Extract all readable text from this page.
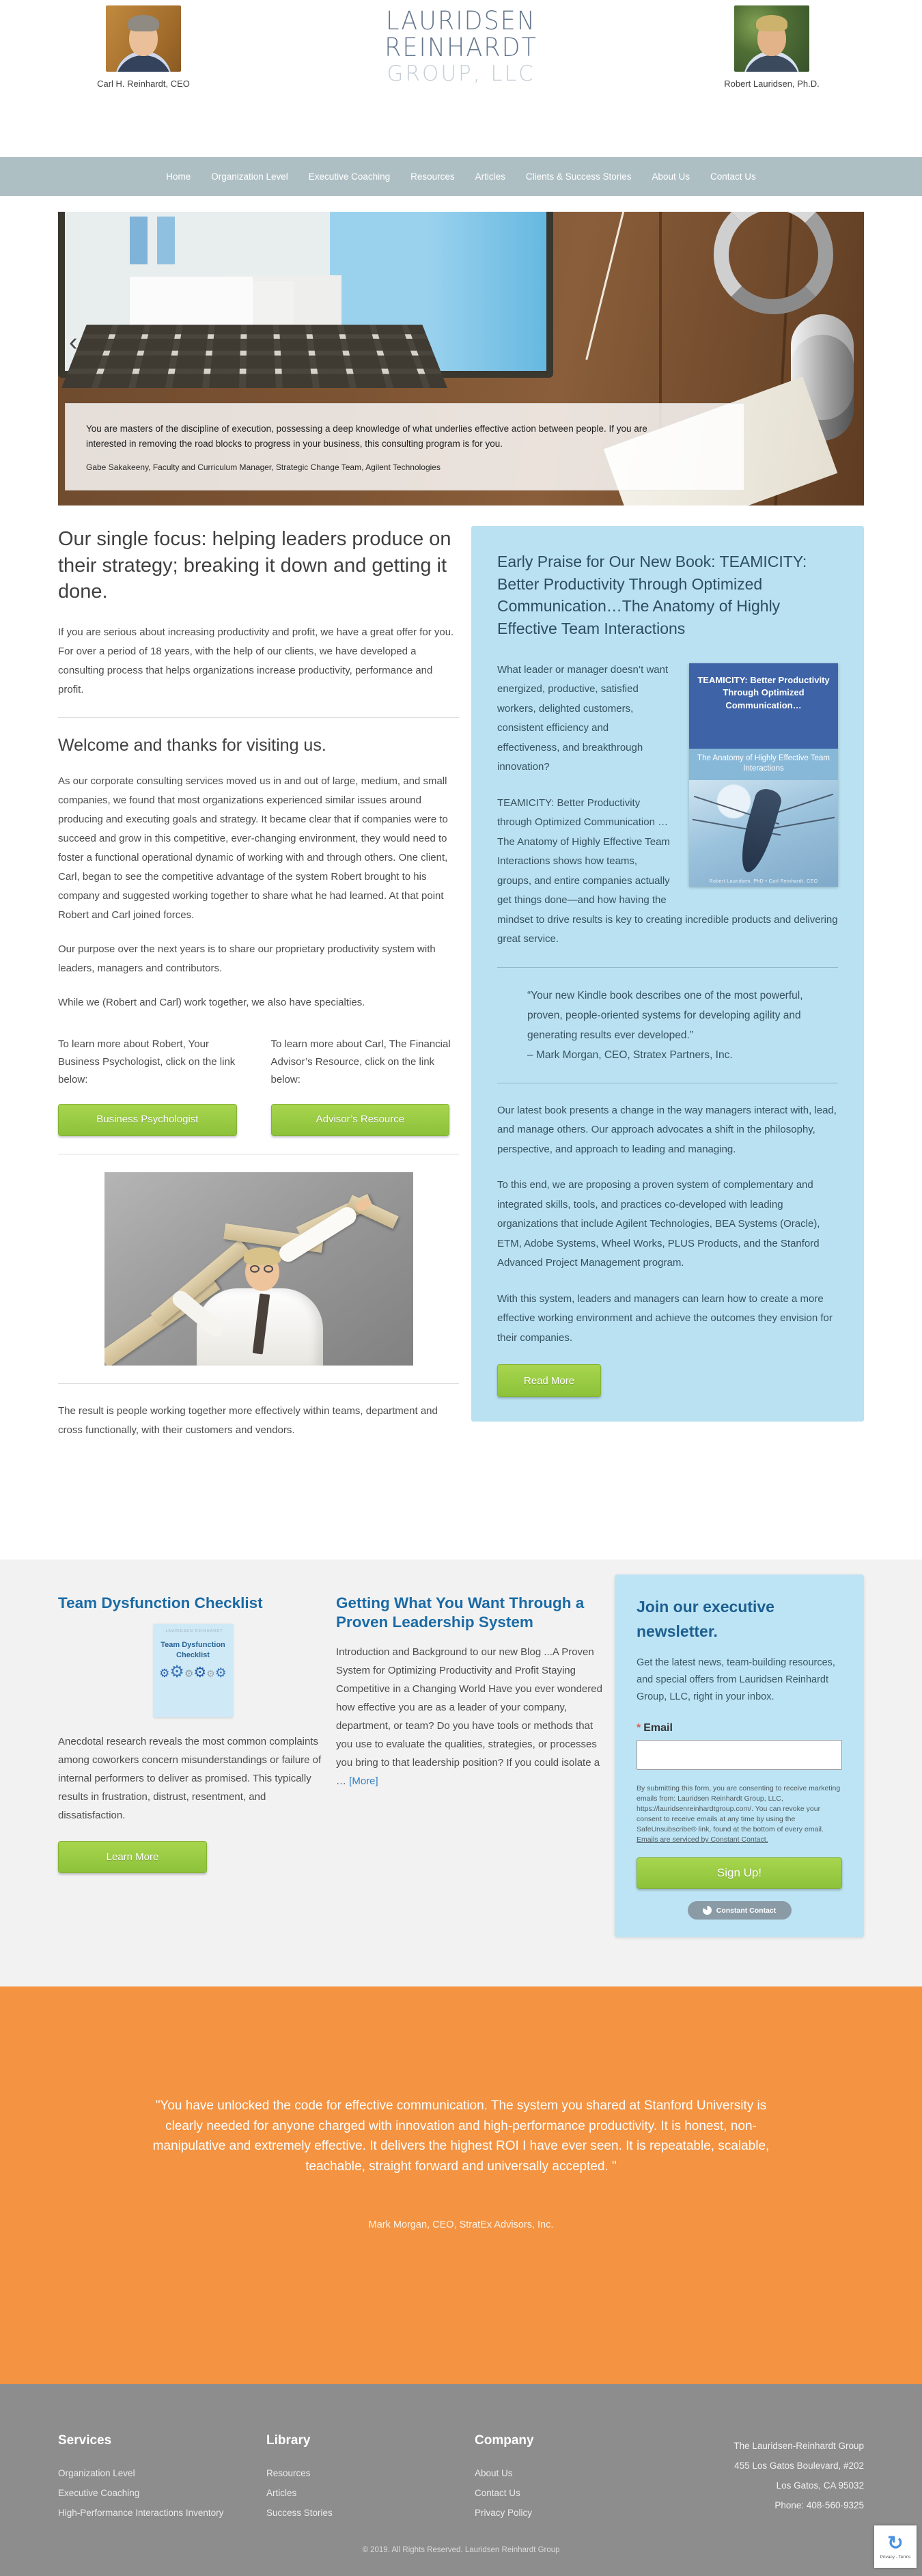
Carl H. Reinhardt, CEO
LAURIDSEN
REINHARDT
GROUP, LLC	Robert Lauridsen, Ph.D.
Home Organization Level Executive Coaching Resources Articles Clients & Success Stories About Us Contact Us
You are masters of the discipline of execution, possessing a deep knowledge of what underlies effective action between people. If you are interested in removing the road blocks to progress in your business, this consulting program is for you.
Gabe Sakakeeny, Faculty and Curriculum Manager, Strategic Change Team, Agilent Technologies
‹
Our single focus: helping leaders produce on their strategy; breaking it down and getting it done.

If you are serious about increasing productivity and profit, we have a great offer for you. For over a period of 18 years, with the help of our clients, we have developed a consulting process that helps organizations increase productivity, performance and profit.

Welcome and thanks for visiting us.

As our corporate consulting services moved us in and out of large, medium, and small companies, we found that most organizations experienced similar issues around producing and executing goals and strategy. It became clear that if companies were to succeed and grow in this competitive, ever-changing environment, they would need to foster a functional operational dynamic of working with and through others. One client, Carl, began to see the competitive advantage of the system Robert brought to his company and suggested working together to share what he had learned. At that point Robert and Carl joined forces.

Our purpose over the next years is to share our proprietary productivity system with leaders, managers and contributors.

While we (Robert and Carl) work together, we also have specialties.

To learn more about Robert, Your Business Psychologist, click on the link below:
Business Psychologist
To learn more about Carl, The Financial Advisor’s Resource, click on the link below:
Advisor’s Resource

The result is people working together more effectively within teams, department and cross functionally, with their customers and vendors.

Early Praise for Our New Book: TEAMICITY: Better Productivity Through Optimized Communication…The Anatomy of Highly Effective Team Interactions
TEAMICITY: Better Productivity Through Optimized Communication…
The Anatomy of Highly Effective Team Interactions
Robert Lauridsen, PhD • Carl Reinhardt, CEO

What leader or manager doesn’t want energized, productive, satisfied workers, delighted customers, consistent efficiency and effectiveness, and breakthrough innovation?

TEAMICITY: Better Productivity through Optimized Communication … The Anatomy of Highly Effective Team Interactions shows how teams, groups, and entire companies actually get things done—and how having the mindset to drive results is key to creating incredible products and delivering great service.

“Your new Kindle book describes one of the most powerful, proven, people-oriented systems for developing agility and generating results ever developed.”
– Mark Morgan, CEO, Stratex Partners, Inc.

Our latest book presents a change in the way managers interact with, lead, and manage others. Our approach advocates a shift in the philosophy, perspective, and approach to leading and managing.

To this end, we are proposing a proven system of complementary and integrated skills, tools, and practices co-developed with leading organizations that include Agilent Technologies, BEA Systems (Oracle), ETM, Adobe Systems, Wheel Works, PLUS Products, and the Stanford Advanced Project Management program.

With this system, leaders and managers can learn how to create a more effective working environment and achieve the outcomes they envision for their companies.

Read More
Team Dysfunction Checklist
LAURIDSEN REINHARDT
Team Dysfunction Checklist
⚙⚙⚙⚙⚙⚙

Anecdotal research reveals the most common complaints among coworkers concern misunderstandings or failure of internal performers to deliver as promised. This typically results in frustration, distrust, resentment, and dissatisfaction.

Learn More
Getting What You Want Through a Proven Leadership System

Introduction and Background to our new Blog ...A Proven System for Optimizing Productivity and Profit Staying Competitive in a Changing World Have you ever wondered how effective you are as a leader of your company, department, or team? Do you have tools or methods that you use to evaluate the qualities, strategies, or processes you bring to that leadership position? If you could isolate a … [More]

Join our executive newsletter.
Get the latest news, team-building resources, and special offers from Lauridsen Reinhardt Group, LLC, right in your inbox.
* Email
By submitting this form, you are consenting to receive marketing emails from: Lauridsen Reinhardt Group, LLC, https://lauridsenreinhardtgroup.com/. You can revoke your consent to receive emails at any time by using the SafeUnsubscribe® link, found at the bottom of every email. Emails are serviced by Constant Contact.
Sign Up!
Constant Contact
"You have unlocked the code for effective communication. The system you shared at Stanford University is clearly needed for anyone charged with innovation and high-performance productivity. It is honest, non-manipulative and extremely effective. It delivers the highest ROI I have ever seen. It is repeatable, scalable, teachable, straight forward and universally accepted. "
Mark Morgan, CEO, StratEx Advisors, Inc.
Services
Organization Level
Executive Coaching
High-Performance Interactions Inventory
Library
Resources
Articles
Success Stories
Company
About Us
Contact Us
Privacy Policy
The Lauridsen-Reinhardt Group
455 Los Gatos Boulevard, #202
Los Gatos, CA 95032
Phone: 408-560-9325
© 2019. All Rights Reserved. Lauridsen Reinhardt Group	↻
Privacy - Terms
